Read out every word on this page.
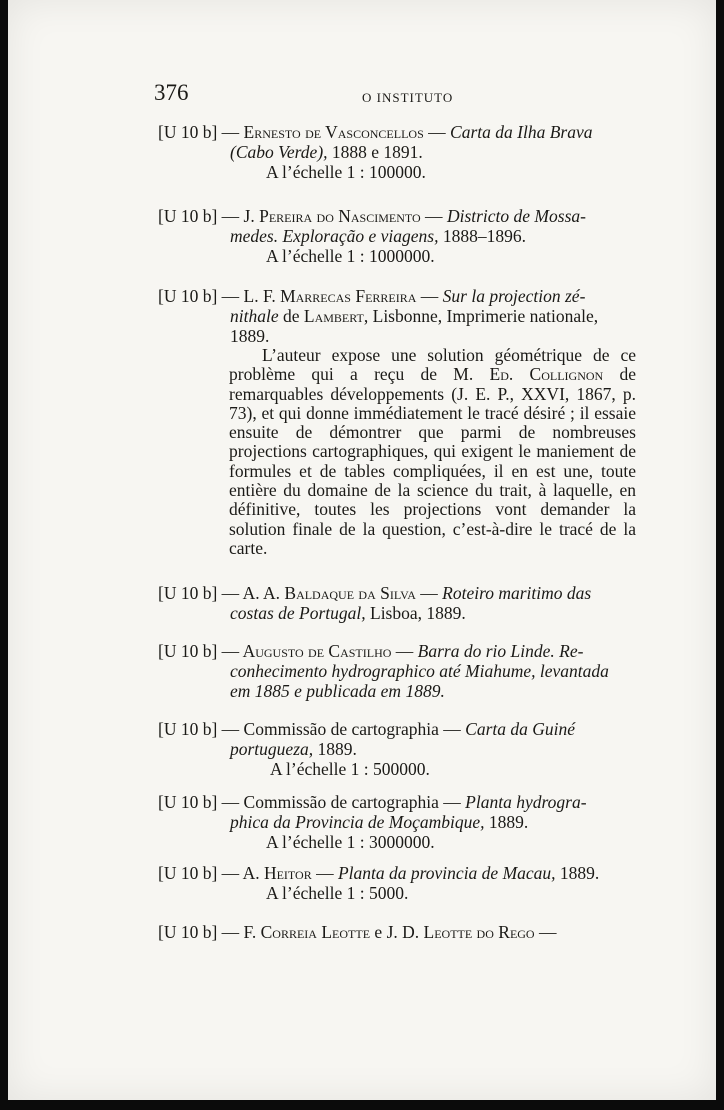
376	O INSTITUTO
[U 10 b] — Ernesto de Vasconcellos — Carta da Ilha Brava
(Cabo Verde), 1888 e 1891.
A l’échelle 1 : 100000.
[U 10 b] — J. Pereira do Nascimento — Districto de Mossa-
medes. Exploração e viagens, 1888–1896.
A l’échelle 1 : 1000000.
[U 10 b] — L. F. Marrecas Ferreira — Sur la projection zé-
nithale de Lambert, Lisbonne, Imprimerie nationale,
1889.
L’auteur expose une solution géométrique de ce problème qui a reçu de M. Ed. Collignon de remarquables développements (J. E. P., XXVI, 1867, p. 73), et qui donne immédiatement le tracé désiré ; il essaie ensuite de démontrer que parmi de nombreuses projections cartographiques, qui exigent le maniement de formules et de tables compliquées, il en est une, toute entière du domaine de la science du trait, à laquelle, en définitive, toutes les projections vont demander la solution finale de la question, c’est-à-dire le tracé de la carte.
[U 10 b] — A. A. Baldaque da Silva — Roteiro maritimo das
costas de Portugal, Lisboa, 1889.
[U 10 b] — Augusto de Castilho — Barra do rio Linde. Re-
conhecimento hydrographico até Miahume, levantada
em 1885 e publicada em 1889.
[U 10 b] — Commissão de cartographia — Carta da Guiné
portugueza, 1889.
A l’échelle 1 : 500000.
[U 10 b] — Commissão de cartographia — Planta hydrogra-
phica da Provincia de Moçambique, 1889.
A l’échelle 1 : 3000000.
[U 10 b] — A. Heitor — Planta da provincia de Macau, 1889.
A l’échelle 1 : 5000.
[U 10 b] — F. Correia Leotte e J. D. Leotte do Rego —
